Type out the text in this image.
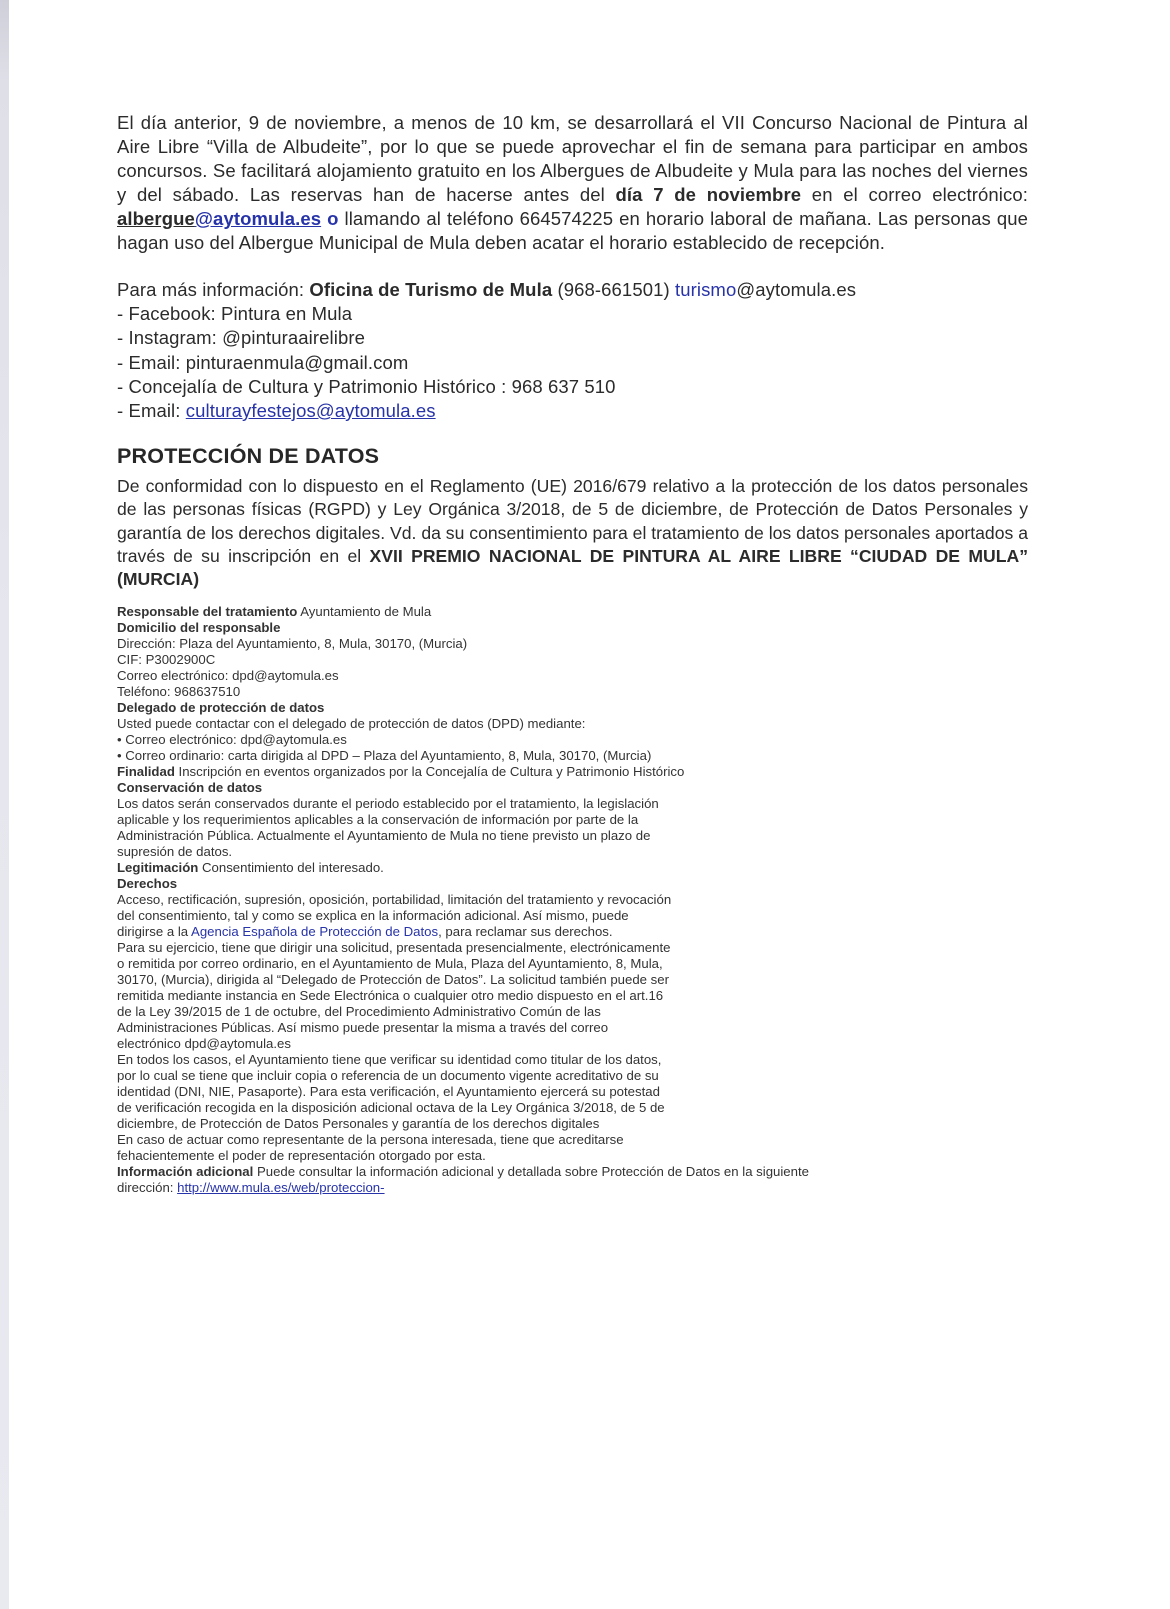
El día anterior, 9 de noviembre, a menos de 10 km, se desarrollará el VII Concurso Nacional de Pintura al Aire Libre “Villa de Albudeite”, por lo que se puede aprovechar el fin de semana para participar en ambos concursos. Se facilitará alojamiento gratuito en los Albergues de Albudeite y Mula para las noches del viernes y del sábado. Las reservas han de hacerse antes del día 7 de noviembre en el correo electrónico: albergue@aytomula.es o llamando al teléfono 664574225 en horario laboral de mañana. Las personas que hagan uso del Albergue Municipal de Mula deben acatar el horario establecido de recepción.

Para más información: Oficina de Turismo de Mula (968-661501) turismo@aytomula.es
- Facebook: Pintura en Mula
- Instagram: @pinturaairelibre
- Email: pinturaenmula@gmail.com
- Concejalía de Cultura y Patrimonio Histórico : 968 637 510
- Email: culturayfestejos@aytomula.es
PROTECCIÓN DE DATOS

De conformidad con lo dispuesto en el Reglamento (UE) 2016/679 relativo a la protección de los datos personales de las personas físicas (RGPD) y Ley Orgánica 3/2018, de 5 de diciembre, de Protección de Datos Personales y garantía de los derechos digitales. Vd. da su consentimiento para el tratamiento de los datos personales aportados a través de su inscripción en el XVII PREMIO NACIONAL DE PINTURA AL AIRE LIBRE “CIUDAD DE MULA” (MURCIA)

Responsable del tratamiento Ayuntamiento de Mula
Domicilio del responsable
Dirección: Plaza del Ayuntamiento, 8, Mula, 30170, (Murcia)
CIF: P3002900C
Correo electrónico: dpd@aytomula.es
Teléfono: 968637510
Delegado de protección de datos
Usted puede contactar con el delegado de protección de datos (DPD) mediante:
• Correo electrónico: dpd@aytomula.es
• Correo ordinario: carta dirigida al DPD – Plaza del Ayuntamiento, 8, Mula, 30170, (Murcia)
Finalidad Inscripción en eventos organizados por la Concejalía de Cultura y Patrimonio Histórico
Conservación de datos
Los datos serán conservados durante el periodo establecido por el tratamiento, la legislación
aplicable y los requerimientos aplicables a la conservación de información por parte de la
Administración Pública. Actualmente el Ayuntamiento de Mula no tiene previsto un plazo de
supresión de datos.
Legitimación Consentimiento del interesado.
Derechos
Acceso, rectificación, supresión, oposición, portabilidad, limitación del tratamiento y revocación
del consentimiento, tal y como se explica en la información adicional. Así mismo, puede
dirigirse a la Agencia Española de Protección de Datos, para reclamar sus derechos.
Para su ejercicio, tiene que dirigir una solicitud, presentada presencialmente, electrónicamente
o remitida por correo ordinario, en el Ayuntamiento de Mula, Plaza del Ayuntamiento, 8, Mula,
30170, (Murcia), dirigida al “Delegado de Protección de Datos”. La solicitud también puede ser
remitida mediante instancia en Sede Electrónica o cualquier otro medio dispuesto en el art.16
de la Ley 39/2015 de 1 de octubre, del Procedimiento Administrativo Común de las
Administraciones Públicas. Así mismo puede presentar la misma a través del correo
electrónico dpd@aytomula.es
En todos los casos, el Ayuntamiento tiene que verificar su identidad como titular de los datos,
por lo cual se tiene que incluir copia o referencia de un documento vigente acreditativo de su
identidad (DNI, NIE, Pasaporte). Para esta verificación, el Ayuntamiento ejercerá su potestad
de verificación recogida en la disposición adicional octava de la Ley Orgánica 3/2018, de 5 de
diciembre, de Protección de Datos Personales y garantía de los derechos digitales
En caso de actuar como representante de la persona interesada, tiene que acreditarse
fehacientemente el poder de representación otorgado por esta.
Información adicional Puede consultar la información adicional y detallada sobre Protección de Datos en la siguiente
dirección: http://www.mula.es/web/proteccion-
